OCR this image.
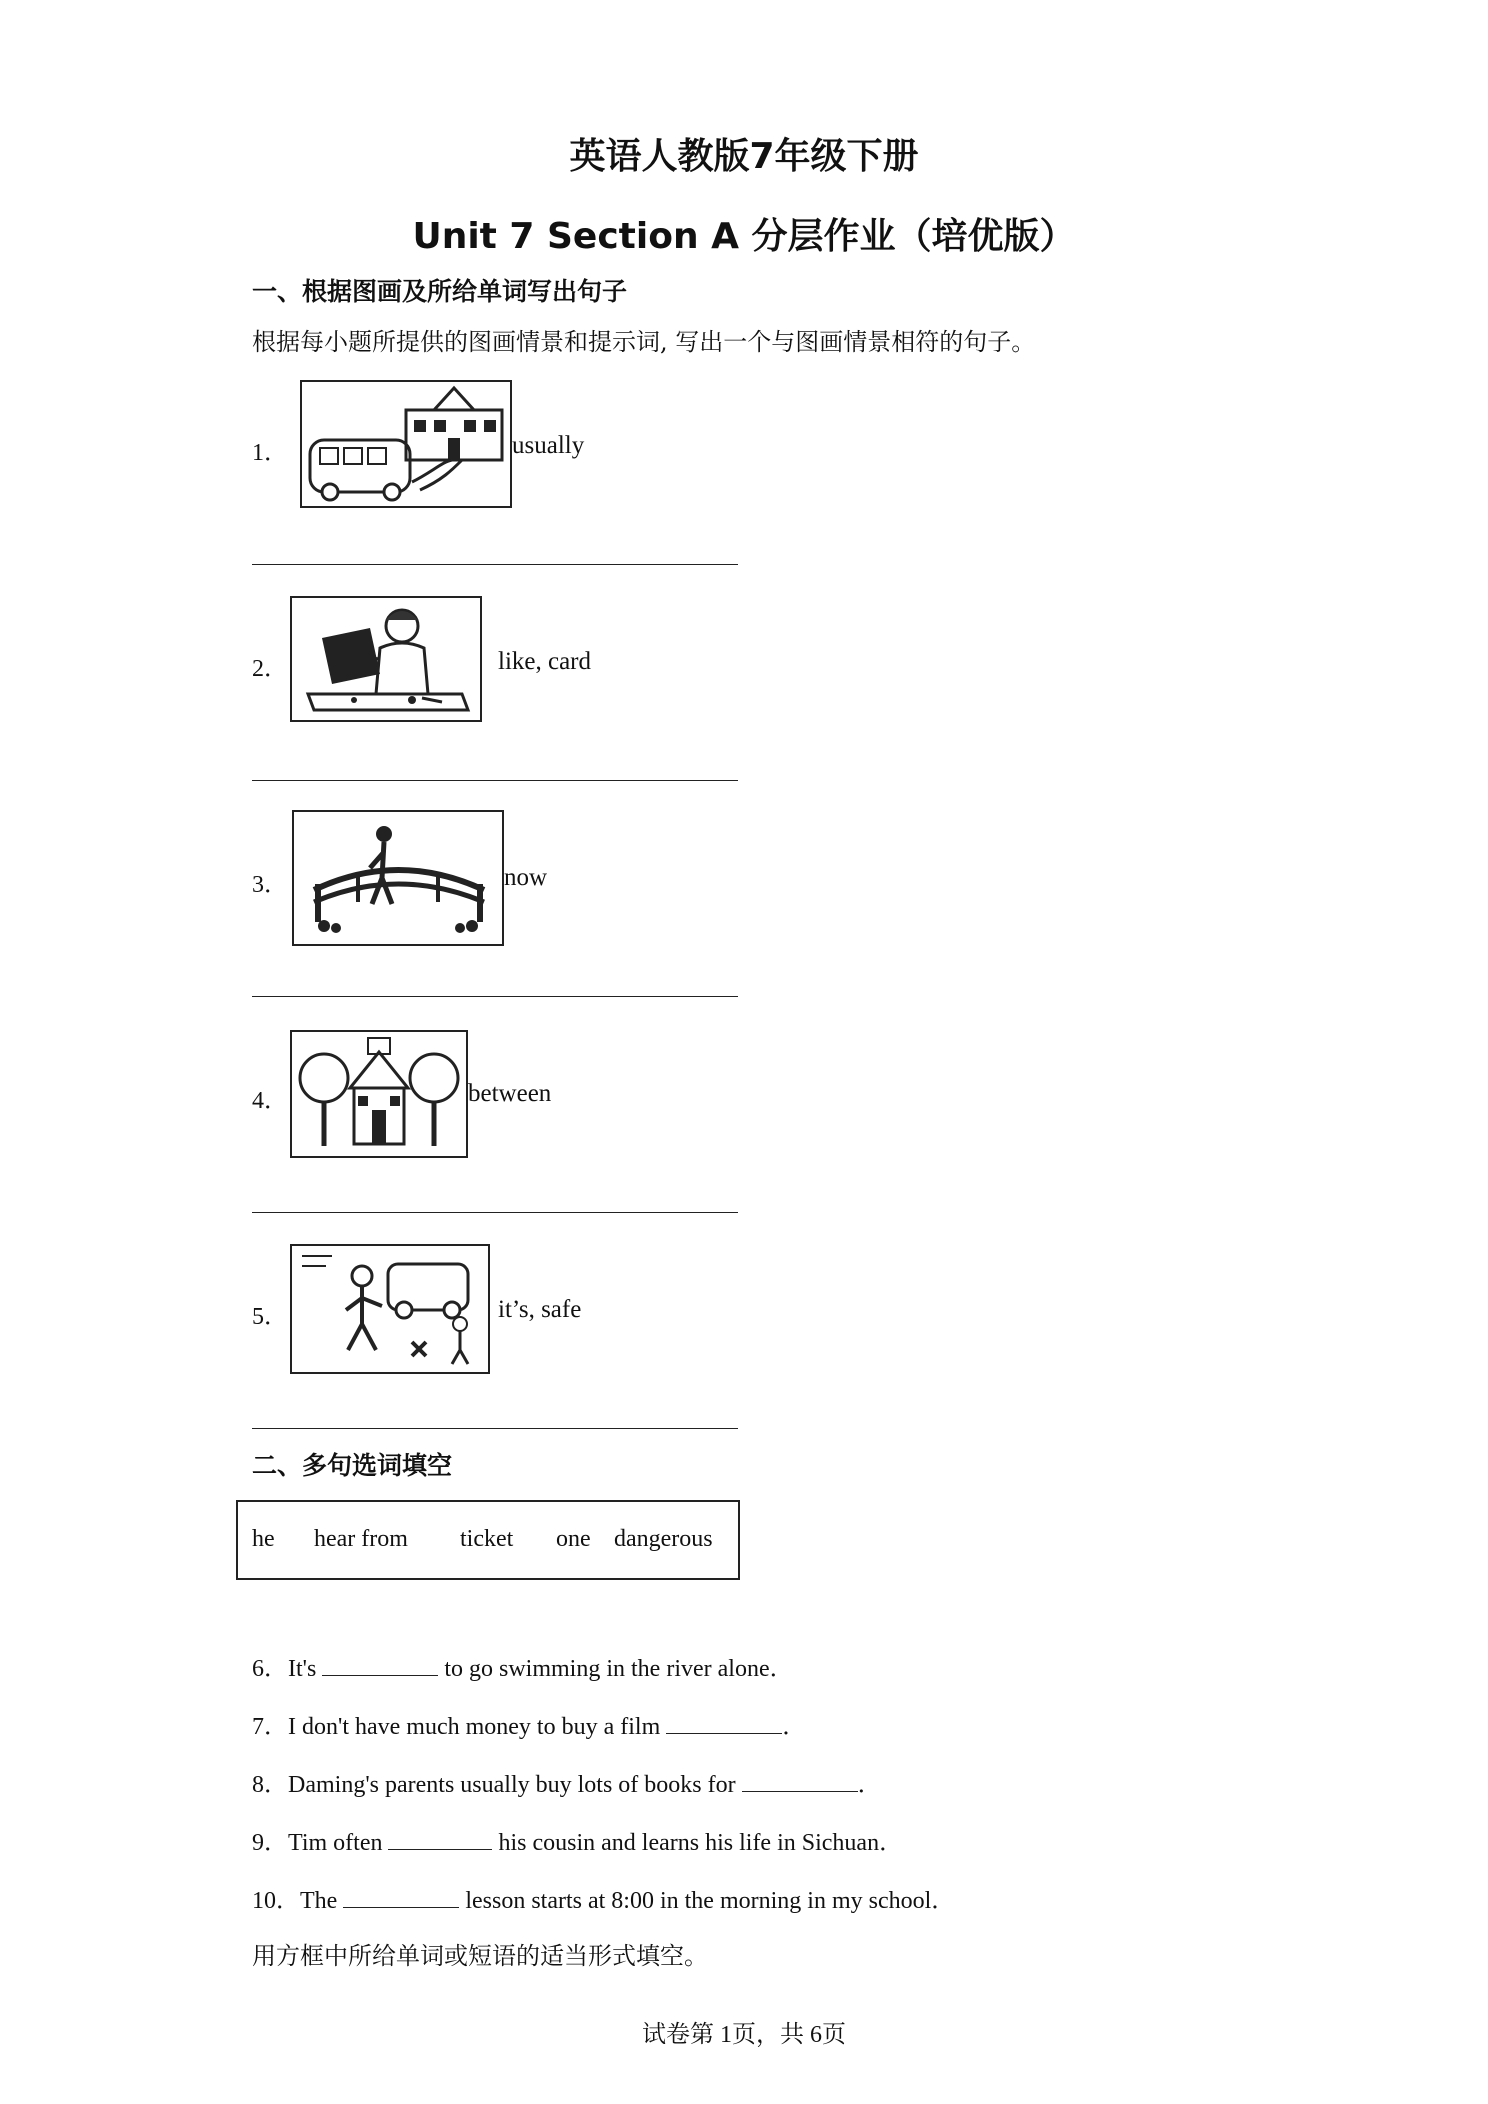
英语人教版7年级下册
Unit 7 Section A 分层作业（培优版）
一、根据图画及所给单词写出句子
根据每小题所提供的图画情景和提示词, 写出一个与图画情景相符的句子。
1．	usually
2．	like, card
3．	now
4．	between
5．	it’s, safe
二、多句选词填空
he hear from ticket one dangerous
6．It's	to go swimming in the river alone．
7．I don't have much money to buy a film	．
8．Daming's parents usually buy lots of books for	．
9．Tim often	his cousin and learns his life in Sichuan．
10．The	lesson starts at 8:00 in the morning in my school．
用方框中所给单词或短语的适当形式填空。
试卷第 1页，共 6页
